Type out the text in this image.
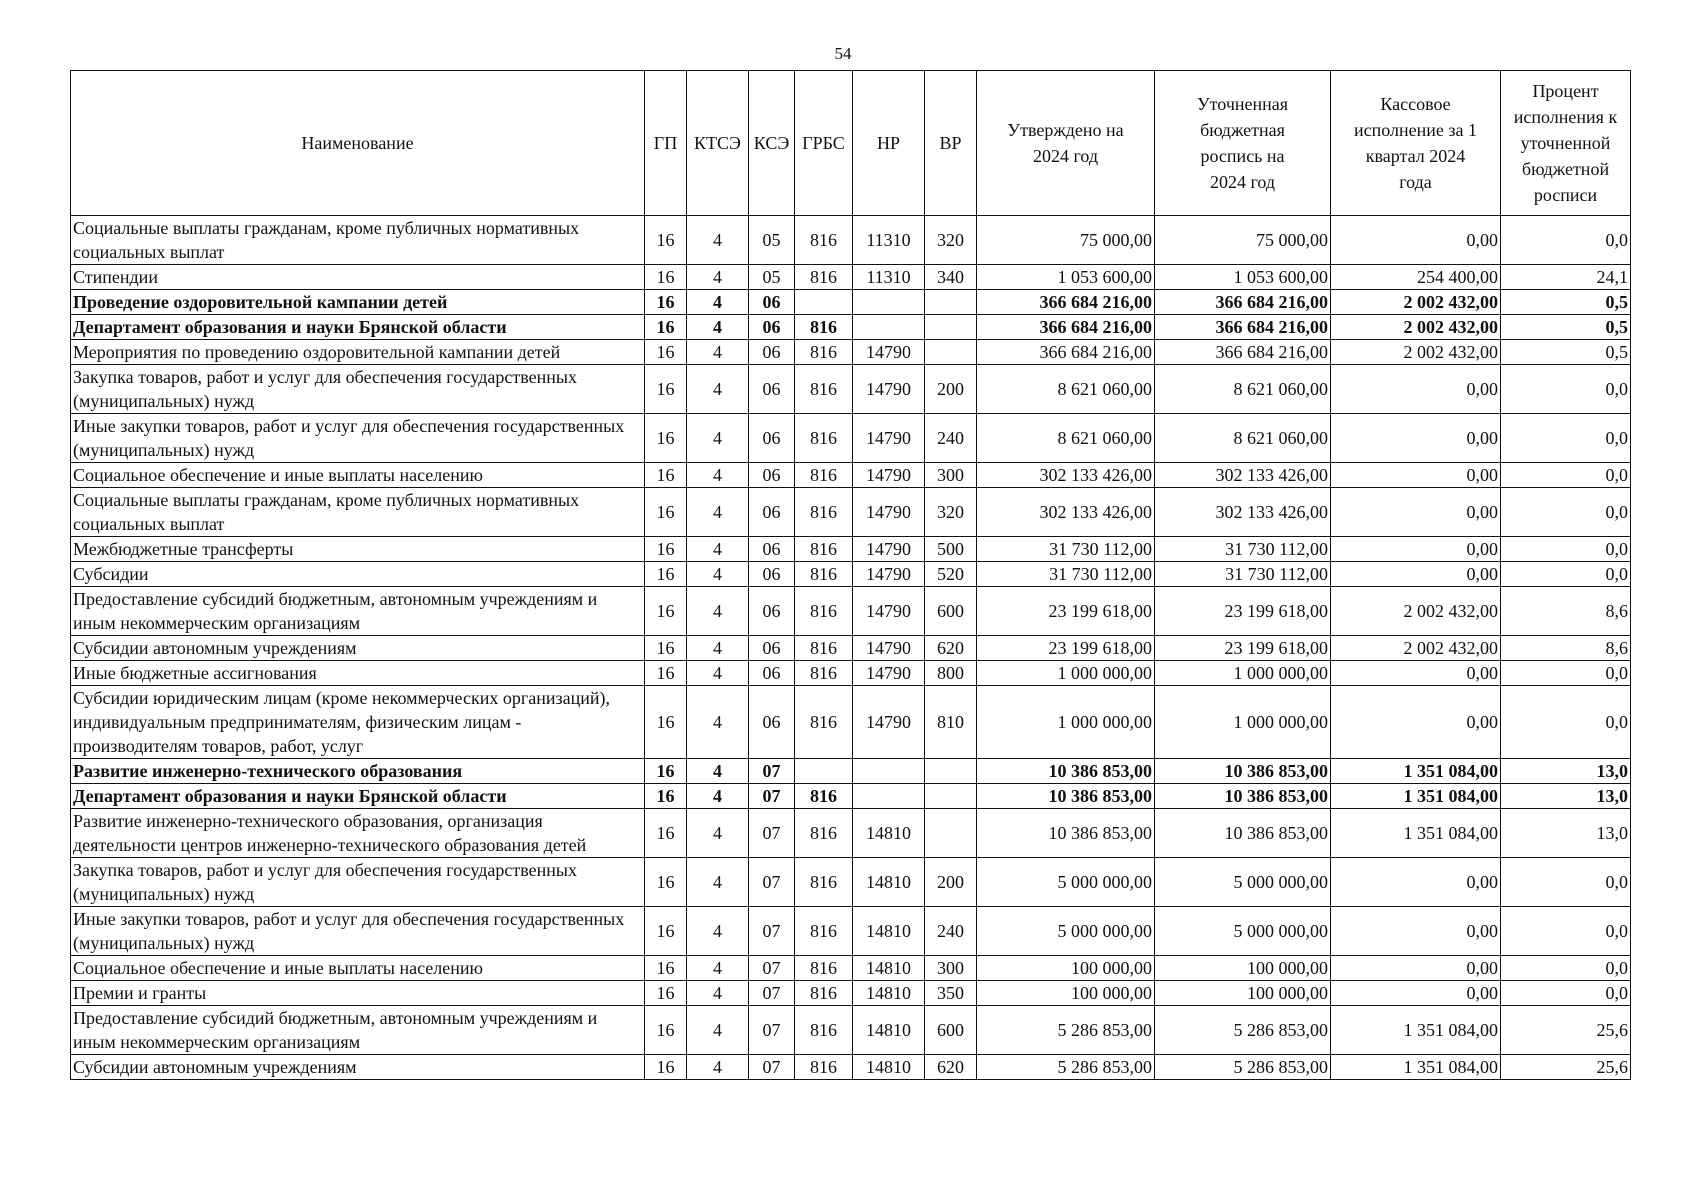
54
Наименование	ГП	КТСЭ	КСЭ	ГРБС	НР	ВР	Утверждено на 2024 год	Уточненная бюджетная роспись на 2024 год	Кассовое исполнение за 1 квартал 2024 года	Процент исполнения к уточненной бюджетной росписи
Социальные выплаты гражданам, кроме публичных нормативных социальных выплат	16	4	05	816	11310	320	75 000,00	75 000,00	0,00	0,0
Стипендии	16	4	05	816	11310	340	1 053 600,00	1 053 600,00	254 400,00	24,1
Проведение оздоровительной кампании детей	16	4	06				366 684 216,00	366 684 216,00	2 002 432,00	0,5
Департамент образования и науки Брянской области	16	4	06	816			366 684 216,00	366 684 216,00	2 002 432,00	0,5
Мероприятия по проведению оздоровительной кампании детей	16	4	06	816	14790		366 684 216,00	366 684 216,00	2 002 432,00	0,5
Закупка товаров, работ и услуг для обеспечения государственных (муниципальных) нужд	16	4	06	816	14790	200	8 621 060,00	8 621 060,00	0,00	0,0
Иные закупки товаров, работ и услуг для обеспечения государственных (муниципальных) нужд	16	4	06	816	14790	240	8 621 060,00	8 621 060,00	0,00	0,0
Социальное обеспечение и иные выплаты населению	16	4	06	816	14790	300	302 133 426,00	302 133 426,00	0,00	0,0
Социальные выплаты гражданам, кроме публичных нормативных социальных выплат	16	4	06	816	14790	320	302 133 426,00	302 133 426,00	0,00	0,0
Межбюджетные трансферты	16	4	06	816	14790	500	31 730 112,00	31 730 112,00	0,00	0,0
Субсидии	16	4	06	816	14790	520	31 730 112,00	31 730 112,00	0,00	0,0
Предоставление субсидий бюджетным, автономным учреждениям и иным некоммерческим организациям	16	4	06	816	14790	600	23 199 618,00	23 199 618,00	2 002 432,00	8,6
Субсидии автономным учреждениям	16	4	06	816	14790	620	23 199 618,00	23 199 618,00	2 002 432,00	8,6
Иные бюджетные ассигнования	16	4	06	816	14790	800	1 000 000,00	1 000 000,00	0,00	0,0
Субсидии юридическим лицам (кроме некоммерческих организаций), индивидуальным предпринимателям, физическим лицам - производителям товаров, работ, услуг	16	4	06	816	14790	810	1 000 000,00	1 000 000,00	0,00	0,0
Развитие инженерно-технического образования	16	4	07				10 386 853,00	10 386 853,00	1 351 084,00	13,0
Департамент образования и науки Брянской области	16	4	07	816			10 386 853,00	10 386 853,00	1 351 084,00	13,0
Развитие инженерно-технического образования, организация деятельности центров инженерно-технического образования детей	16	4	07	816	14810		10 386 853,00	10 386 853,00	1 351 084,00	13,0
Закупка товаров, работ и услуг для обеспечения государственных (муниципальных) нужд	16	4	07	816	14810	200	5 000 000,00	5 000 000,00	0,00	0,0
Иные закупки товаров, работ и услуг для обеспечения государственных (муниципальных) нужд	16	4	07	816	14810	240	5 000 000,00	5 000 000,00	0,00	0,0
Социальное обеспечение и иные выплаты населению	16	4	07	816	14810	300	100 000,00	100 000,00	0,00	0,0
Премии и гранты	16	4	07	816	14810	350	100 000,00	100 000,00	0,00	0,0
Предоставление субсидий бюджетным, автономным учреждениям и иным некоммерческим организациям	16	4	07	816	14810	600	5 286 853,00	5 286 853,00	1 351 084,00	25,6
Субсидии автономным учреждениям	16	4	07	816	14810	620	5 286 853,00	5 286 853,00	1 351 084,00	25,6
